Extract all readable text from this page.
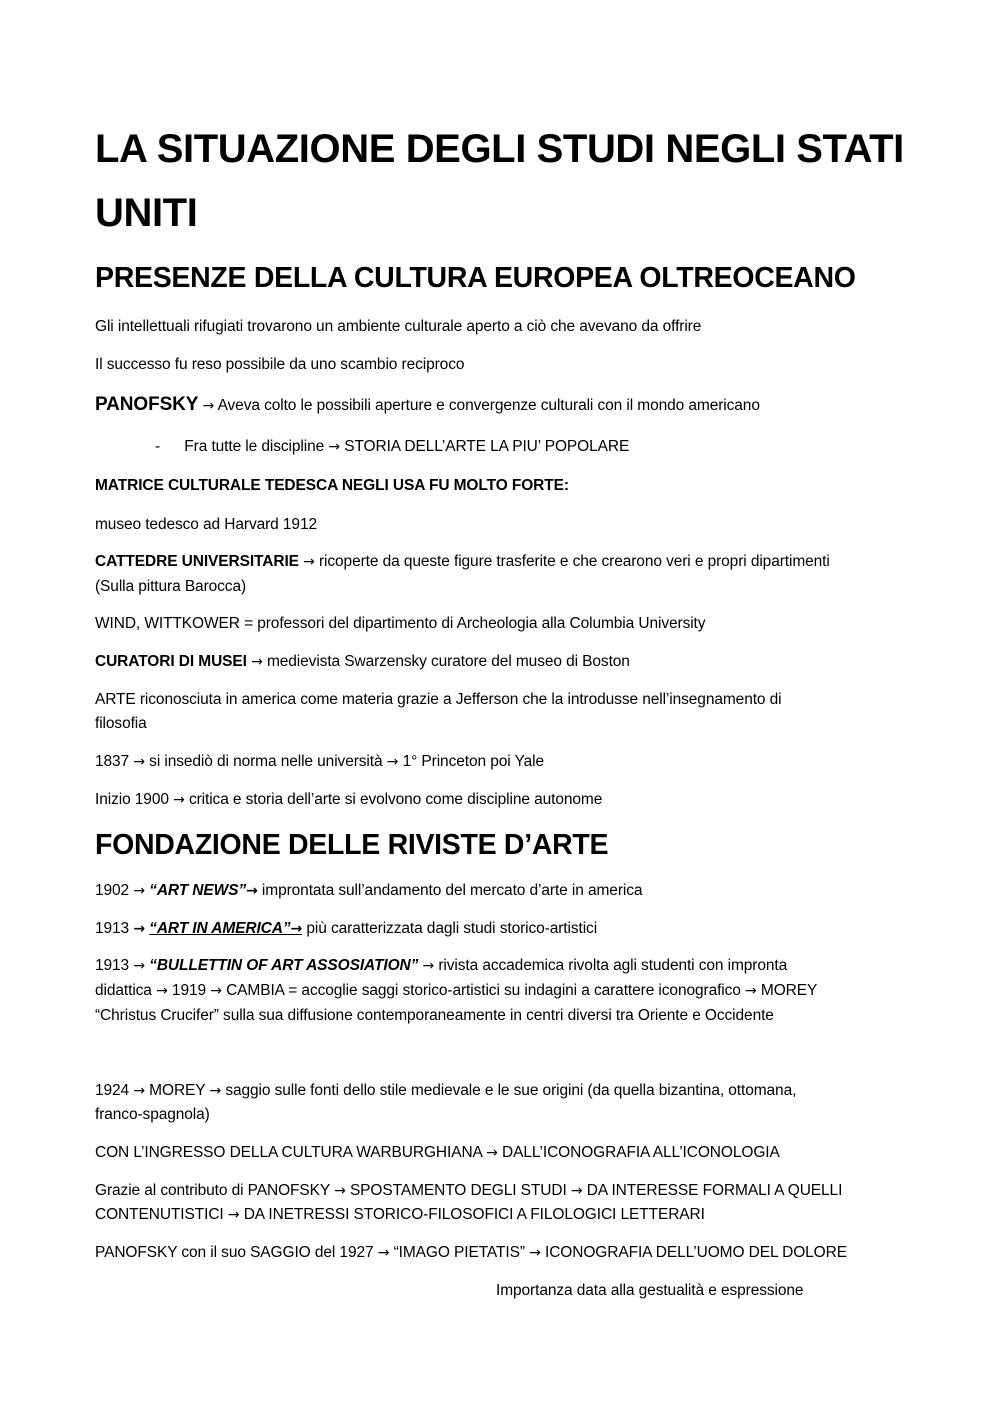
LA SITUAZIONE DEGLI STUDI NEGLI STATI
UNITI
PRESENZE DELLA CULTURA EUROPEA OLTREOCEANO
Gli intellettuali rifugiati trovarono un ambiente culturale aperto a ciò che avevano da offrire
Il successo fu reso possibile da uno scambio reciproco
PANOFSKY → Aveva colto le possibili aperture e convergenze culturali con il mondo americano
- Fra tutte le discipline → STORIA DELL’ARTE LA PIU’ POPOLARE
MATRICE CULTURALE TEDESCA NEGLI USA FU MOLTO FORTE:
museo tedesco ad Harvard 1912
CATTEDRE UNIVERSITARIE → ricoperte da queste figure trasferite e che crearono veri e propri dipartimenti
(Sulla pittura Barocca)
WIND, WITTKOWER = professori del dipartimento di Archeologia alla Columbia University
CURATORI DI MUSEI → medievista Swarzensky curatore del museo di Boston
ARTE riconosciuta in america come materia grazie a Jefferson che la introdusse nell’insegnamento di
filosofia
1837 → si insediò di norma nelle università → 1° Princeton poi Yale
Inizio 1900 → critica e storia dell’arte si evolvono come discipline autonome
FONDAZIONE DELLE RIVISTE D’ARTE
1902 → “ART NEWS”→ improntata sull’andamento del mercato d’arte in america
1913 → “ART IN AMERICA”→ più caratterizzata dagli studi storico-artistici
1913 → “BULLETTIN OF ART ASSOSIATION” → rivista accademica rivolta agli studenti con impronta
didattica → 1919 → CAMBIA = accoglie saggi storico-artistici su indagini a carattere iconografico → MOREY
“Christus Crucifer” sulla sua diffusione contemporaneamente in centri diversi tra Oriente e Occidente
1924 → MOREY → saggio sulle fonti dello stile medievale e le sue origini (da quella bizantina, ottomana,
franco-spagnola)
CON L’INGRESSO DELLA CULTURA WARBURGHIANA → DALL’ICONOGRAFIA ALL’ICONOLOGIA
Grazie al contributo di PANOFSKY → SPOSTAMENTO DEGLI STUDI → DA INTERESSE FORMALI A QUELLI
CONTENUTISTICI → DA INETRESSI STORICO-FILOSOFICI A FILOLOGICI LETTERARI
PANOFSKY con il suo SAGGIO del 1927 → “IMAGO PIETATIS” → ICONOGRAFIA DELL’UOMO DEL DOLORE
Importanza data alla gestualità e espressione
